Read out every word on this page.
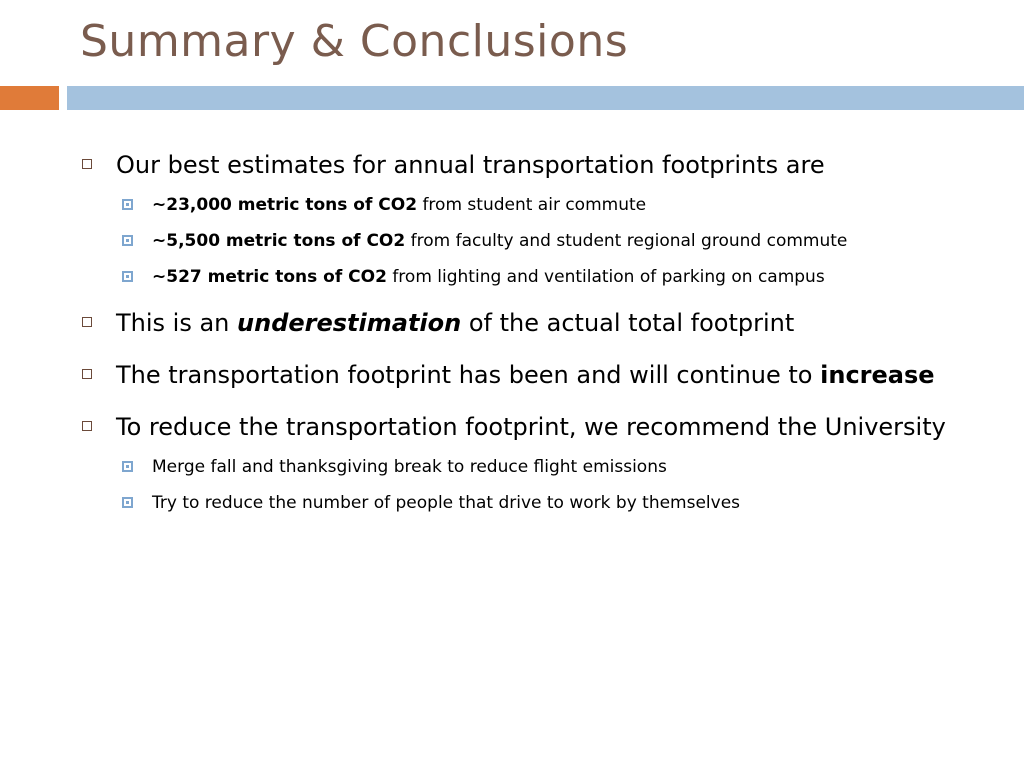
Summary & Conclusions
Our best estimates for annual transportation footprints are
~23,000 metric tons of CO2 from student air commute
~5,500 metric tons of CO2 from faculty and student regional ground commute
~527 metric tons of CO2 from lighting and ventilation of parking on campus
This is an underestimation of the actual total footprint
The transportation footprint has been and will continue to increase
To reduce the transportation footprint, we recommend the University
Merge fall and thanksgiving break to reduce flight emissions
Try to reduce the number of people that drive to work by themselves
